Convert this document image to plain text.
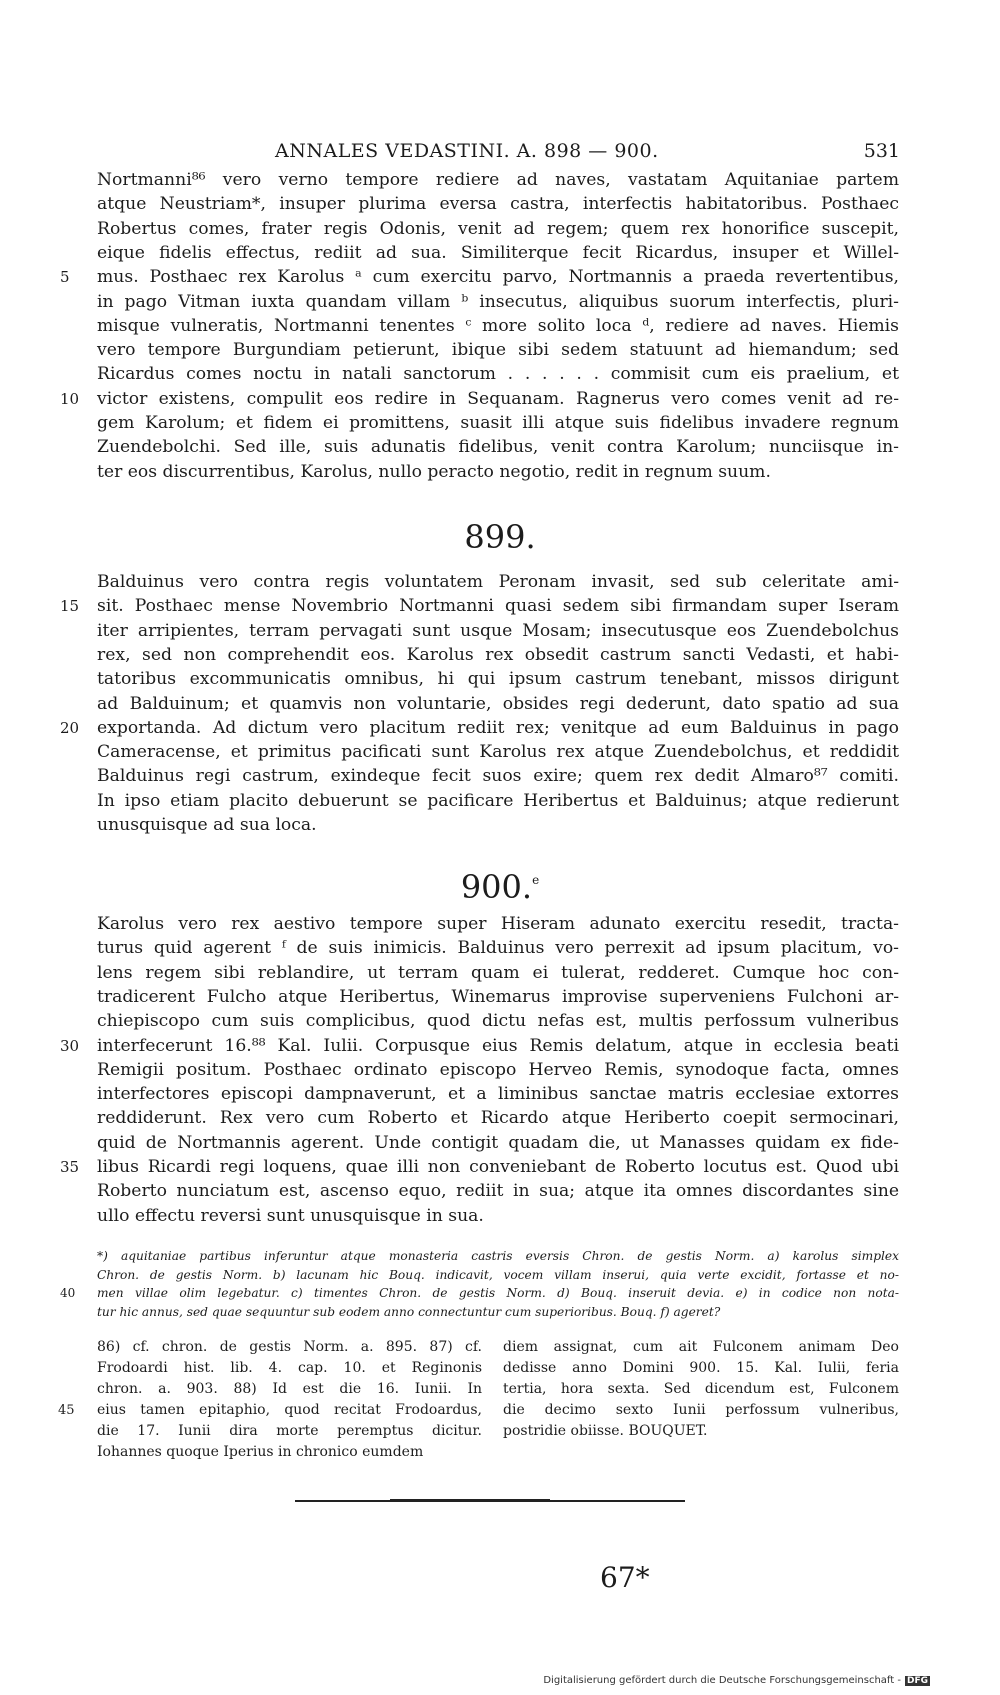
ANNALES VEDASTINI. A. 898 — 900.	531
Nortmanni⁸⁶ vero verno tempore rediere ad naves, vastatam Aquitaniae partem
atque Neustriam*, insuper plurima eversa castra, interfectis habitatoribus. Posthaec
Robertus comes, frater regis Odonis, venit ad regem; quem rex honorifice suscepit,
eique fidelis effectus, rediit ad sua. Similiterque fecit Ricardus, insuper et Willel-
5	mus. Posthaec rex Karolus ᵃ cum exercitu parvo, Nortmannis a praeda revertentibus,
in pago Vitman iuxta quandam villam ᵇ insecutus, aliquibus suorum interfectis, pluri-
misque vulneratis, Nortmanni tenentes ᶜ more solito loca ᵈ, rediere ad naves. Hiemis
vero tempore Burgundiam petierunt, ibique sibi sedem statuunt ad hiemandum; sed
Ricardus comes noctu in natali sanctorum . . . . . . commisit cum eis praelium, et
10	victor existens, compulit eos redire in Sequanam. Ragnerus vero comes venit ad re-
gem Karolum; et fidem ei promittens, suasit illi atque suis fidelibus invadere regnum
Zuendebolchi. Sed ille, suis adunatis fidelibus, venit contra Karolum; nunciisque in-
ter eos discurrentibus, Karolus, nullo peracto negotio, redit in regnum suum.
899.
Balduinus vero contra regis voluntatem Peronam invasit, sed sub celeritate ami-
15	sit. Posthaec mense Novembrio Nortmanni quasi sedem sibi firmandam super Iseram
iter arripientes, terram pervagati sunt usque Mosam; insecutusque eos Zuendebolchus
rex, sed non comprehendit eos. Karolus rex obsedit castrum sancti Vedasti, et habi-
tatoribus excommunicatis omnibus, hi qui ipsum castrum tenebant, missos dirigunt
ad Balduinum; et quamvis non voluntarie, obsides regi dederunt, dato spatio ad sua
20	exportanda. Ad dictum vero placitum rediit rex; venitque ad eum Balduinus in pago
Cameracense, et primitus pacificati sunt Karolus rex atque Zuendebolchus, et reddidit
Balduinus regi castrum, exindeque fecit suos exire; quem rex dedit Almaro⁸⁷ comiti.
In ipso etiam placito debuerunt se pacificare Heribertus et Balduinus; atque redierunt
unusquisque ad sua loca.
900.$^e$
Karolus vero rex aestivo tempore super Hiseram adunato exercitu resedit, tracta-
turus quid agerent ᶠ de suis inimicis. Balduinus vero perrexit ad ipsum placitum, vo-
lens regem sibi reblandire, ut terram quam ei tulerat, redderet. Cumque hoc con-
tradicerent Fulcho atque Heribertus, Winemarus improvise superveniens Fulchoni ar-
chiepiscopo cum suis complicibus, quod dictu nefas est, multis perfossum vulneribus
30	interfecerunt 16.⁸⁸ Kal. Iulii. Corpusque eius Remis delatum, atque in ecclesia beati
Remigii positum. Posthaec ordinato episcopo Herveo Remis, synodoque facta, omnes
interfectores episcopi dampnaverunt, et a liminibus sanctae matris ecclesiae extorres
reddiderunt. Rex vero cum Roberto et Ricardo atque Heriberto coepit sermocinari,
quid de Nortmannis agerent. Unde contigit quadam die, ut Manasses quidam ex fide-
35	libus Ricardi regi loquens, quae illi non conveniebant de Roberto locutus est. Quod ubi
Roberto nunciatum est, ascenso equo, rediit in sua; atque ita omnes discordantes sine
ullo effectu reversi sunt unusquisque in sua.
*) aquitaniae partibus inferuntur atque monasteria castris eversis Chron. de gestis Norm. a) karolus simplex
Chron. de gestis Norm. b) lacunam hic Bouq. indicavit, vocem villam inserui, quia verte excidit, fortasse et no-
40 men villae olim legebatur. c) timentes Chron. de gestis Norm. d) Bouq. inseruit devia. e) in codice non nota-
tur hic annus, sed quae sequuntur sub eodem anno connectuntur cum superioribus. Bouq. f) ageret?
86) cf. chron. de gestis Norm. a. 895. 87) cf.
Frodoardi hist. lib. 4. cap. 10. et Reginonis
chron. a. 903. 88) Id est die 16. Iunii. In
45 eius tamen epitaphio, quod recitat Frodoardus,
die 17. Iunii dira morte peremptus dicitur.
Iohannes quoque Iperius in chronico eumdem
diem assignat, cum ait Fulconem animam Deo
dedisse anno Domini 900. 15. Kal. Iulii, feria
tertia, hora sexta. Sed dicendum est, Fulconem
die decimo sexto Iunii perfossum vulneribus,
postridie obiisse. BOUQUET.
67*
Digitalisierung gefördert durch die Deutsche Forschungsgemeinschaft - DFG
